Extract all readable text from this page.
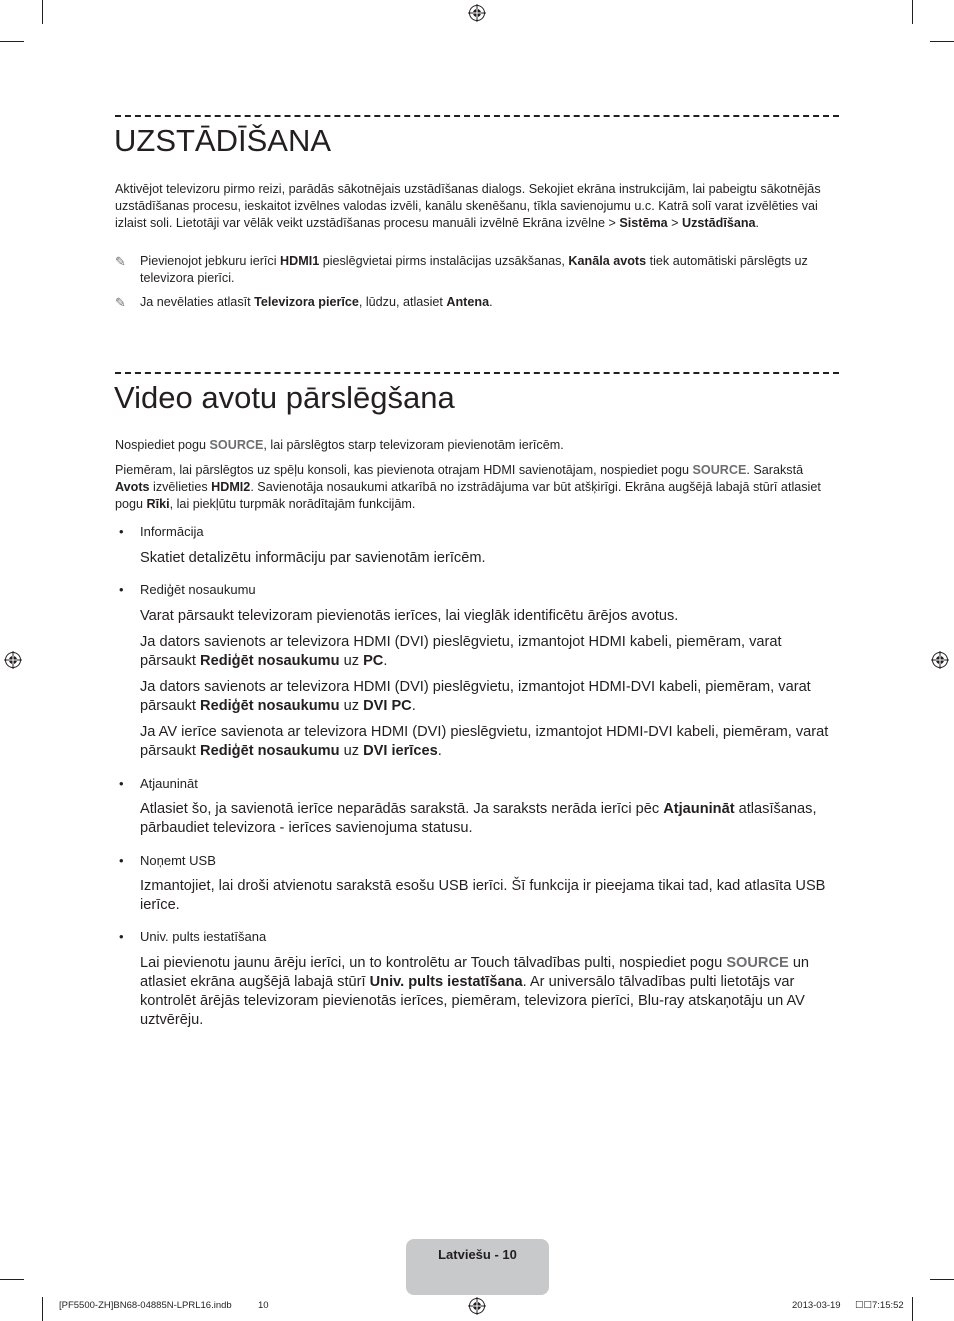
UZSTĀDĪŠANA

Aktivējot televizoru pirmo reizi, parādās sākotnējais uzstādīšanas dialogs. Sekojiet ekrāna instrukcijām, lai pabeigtu sākotnējās uzstādīšanas procesu, ieskaitot izvēlnes valodas izvēli, kanālu skenēšanu, tīkla savienojumu u.c. Katrā solī varat izvēlēties vai izlaist soli. Lietotāji var vēlāk veikt uzstādīšanas procesu manuāli izvēlnē Ekrāna izvēlne > Sistēma > Uzstādīšana.

✎ Pievienojot jebkuru ierīci HDMI1 pieslēgvietai pirms instalācijas uzsākšanas, Kanāla avots tiek automātiski pārslēgts uz televizora pierīci.
✎ Ja nevēlaties atlasīt Televizora pierīce, lūdzu, atlasiet Antena.
Video avotu pārslēgšana

Nospiediet pogu SOURCE, lai pārslēgtos starp televizoram pievienotām ierīcēm.

Piemēram, lai pārslēgtos uz spēļu konsoli, kas pievienota otrajam HDMI savienotājam, nospiediet pogu SOURCE. Sarakstā Avots izvēlieties HDMI2. Savienotāja nosaukumi atkarībā no izstrādājuma var būt atšķirīgi. Ekrāna augšējā labajā stūrī atlasiet pogu Rīki, lai piekļūtu turpmāk norādītajām funkcijām.

• Informācija

Skatiet detalizētu informāciju par savienotām ierīcēm.

• Rediģēt nosaukumu

Varat pārsaukt televizoram pievienotās ierīces, lai vieglāk identificētu ārējos avotus.

Ja dators savienots ar televizora HDMI (DVI) pieslēgvietu, izmantojot HDMI kabeli, piemēram, varat pārsaukt Rediģēt nosaukumu uz PC.

Ja dators savienots ar televizora HDMI (DVI) pieslēgvietu, izmantojot HDMI-DVI kabeli, piemēram, varat pārsaukt Rediģēt nosaukumu uz DVI PC.

Ja AV ierīce savienota ar televizora HDMI (DVI) pieslēgvietu, izmantojot HDMI-DVI kabeli, piemēram, varat pārsaukt Rediģēt nosaukumu uz DVI ierīces.

• Atjaunināt

Atlasiet šo, ja savienotā ierīce neparādās sarakstā. Ja saraksts nerāda ierīci pēc Atjaunināt atlasīšanas, pārbaudiet televizora - ierīces savienojuma statusu.

• Noņemt USB

Izmantojiet, lai droši atvienotu sarakstā esošu USB ierīci. Šī funkcija ir pieejama tikai tad, kad atlasīta USB ierīce.

• Univ. pults iestatīšana

Lai pievienotu jaunu ārēju ierīci, un to kontrolētu ar Touch tālvadības pulti, nospiediet pogu SOURCE un atlasiet ekrāna augšējā labajā stūrī Univ. pults iestatīšana. Ar universālo tālvadības pulti lietotājs var kontrolēt ārējās televizoram pievienotās ierīces, piemēram, televizora pierīci, Blu-ray atskaņotāju un AV uztvērēju.

Latviešu - 10
[PF5500-ZH]BN68-04885N-LPRL16.indb	10	2013-03-19 ☐☐ 7:15:52
